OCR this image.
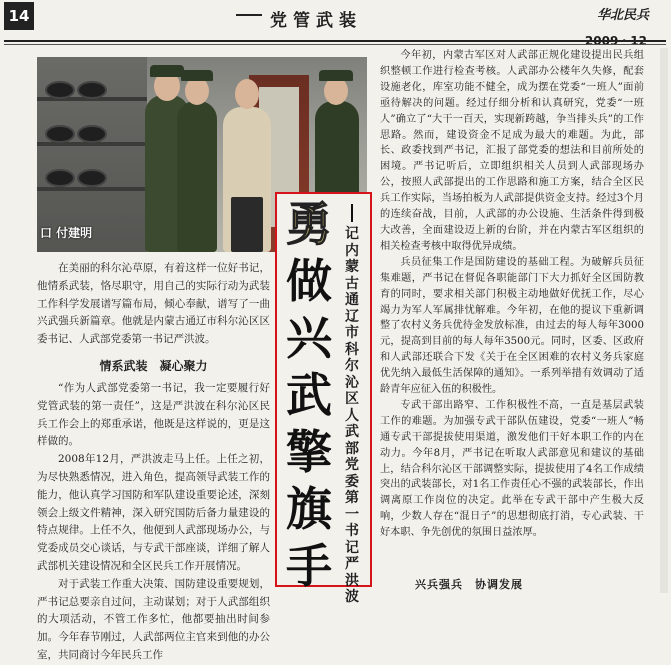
14	党管武装	华北民兵
口 付建明

在美丽的科尔沁草原，有着这样一位好书记，他情系武装，恪尽职守，用自己的实际行动为武装工作科学发展谱写篇布局，倾心奉献，谱写了一曲兴武强兵新篇章。他就是内蒙古通辽市科尔沁区区委书记、人武部党委第一书记严洪波。

情系武装　凝心聚力

“作为人武部党委第一书记，我一定要履行好党管武装的第一责任”，这是严洪波在科尔沁区民兵工作会上的郑重承诺，他既是这样说的，更是这样做的。

2008年12月，严洪波走马上任。上任之初，为尽快熟悉情况，进入角色，提高领导武装工作的能力，他认真学习国防和军队建设重要论述，深刻领会上级文件精神，深入研究国防后备力量建设的特点规律。上任不久，他便到人武部现场办公，与党委成员交心谈话，与专武干部座谈，详细了解人武部机关建设情况和全区民兵工作开展情况。

对于武装工作重大决策、国防建设重要规划，严书记总要亲自过问，主动谋划；对于人武部组织的大项活动，不管工作多忙，他都要抽出时间参加。今年春节刚过，人武部两位主官来到他的办公室，共同商讨今年民兵工作

勇
做
兴
武
擎
旗
手
记内蒙古通辽市科尔沁区人武部党委第一书记严洪波

今年初，内蒙古军区对人武部正规化建设提出民兵组织整顿工作进行检查考核。人武部办公楼年久失修，配套设施老化，库室功能不健全，成为摆在党委“一班人”面前亟待解决的问题。经过仔细分析和认真研究，党委“一班人”确立了“大干一百天，实现新跨越，争当排头兵”的工作思路。然而，建设资金不足成为最大的难题。为此，部长、政委找到严书记，汇报了部党委的想法和目前所处的困境。严书记听后，立即组织相关人员到人武部现场办公，按照人武部提出的工作思路和施工方案，结合全区民兵工作实际，当场拍板为人武部提供资金支持。经过3个月的连续奋战，目前，人武部的办公设施、生活条件得到极大改善，全面建设迈上新的台阶，并在内蒙古军区组织的相关检查考核中取得优异成绩。

兵员征集工作是国防建设的基础工程。为破解兵员征集难题，严书记在督促各职能部门下大力抓好全区国防教育的同时，要求相关部门积极主动地做好优抚工作，尽心竭力为军人军属排忧解难。今年初，在他的提议下重新调整了农村义务兵优待金发放标准，由过去的每人每年3000元，提高到目前的每人每年3500元。同时，区委、区政府和人武部还联合下发《关于在全区困难的农村义务兵家庭优先纳入最低生活保障的通知》。一系列举措有效调动了适龄青年应征入伍的积极性。

专武干部出路窄、工作积极性不高，一直是基层武装工作的难题。为加强专武干部队伍建设，党委“一班人”畅通专武干部提拔使用渠道，激发他们干好本职工作的内在动力。今年8月，严书记在听取人武部意见和建议的基础上，结合科尔沁区干部调整实际，提拔使用了4名工作成绩突出的武装部长，对1名工作责任心不强的武装部长，作出调离原工作岗位的决定。此举在专武干部中产生极大反响，少数人存在“混日子”的思想彻底打消，专心武装、干好本职、争先创优的氛围日益浓厚。

兴兵强兵　协调发展
